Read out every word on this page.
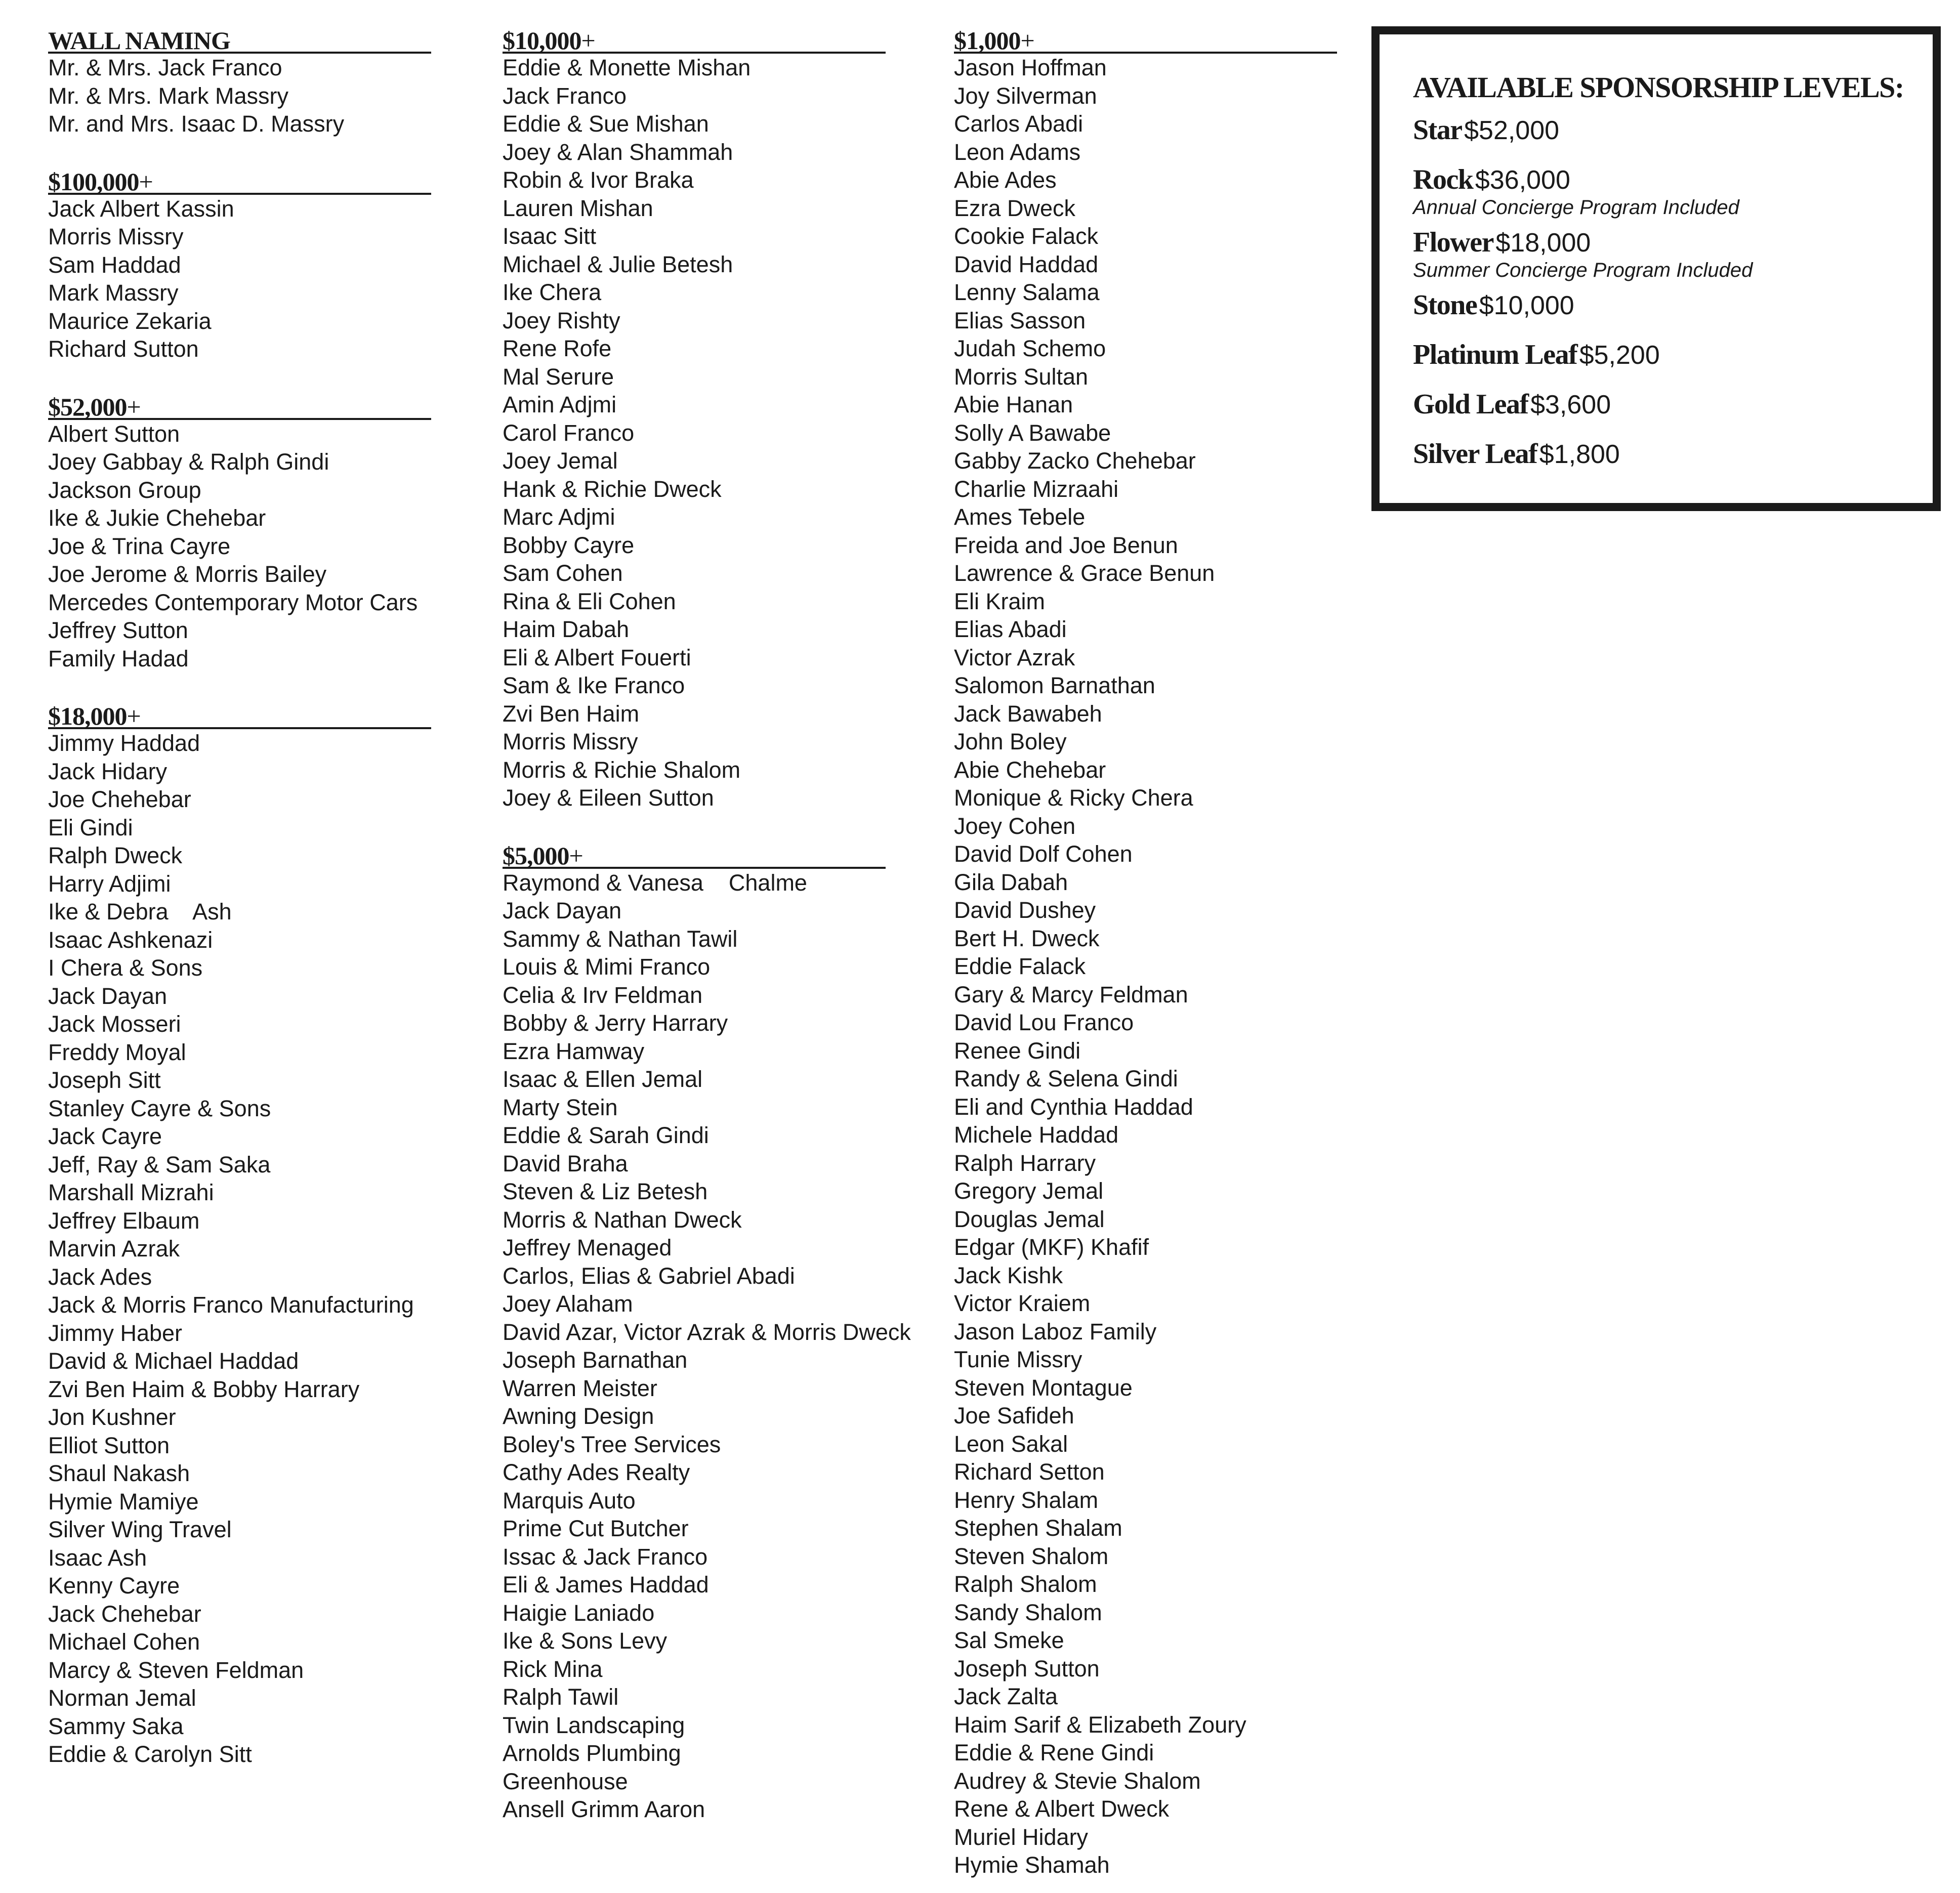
WALL NAMING
Mr. & Mrs. Jack Franco
Mr. & Mrs. Mark Massry
Mr. and Mrs. Isaac D. Massry
$100,000+
Jack Albert Kassin
Morris Missry
Sam Haddad
Mark Massry
Maurice Zekaria
Richard Sutton
$52,000+
Albert Sutton
Joey Gabbay & Ralph Gindi
Jackson Group
Ike & Jukie Chehebar
Joe & Trina Cayre
Joe Jerome & Morris Bailey
Mercedes Contemporary Motor Cars
Jeffrey Sutton
Family Hadad
$18,000+
Jimmy Haddad
Jack Hidary
Joe Chehebar
Eli Gindi
Ralph Dweck
Harry Adjimi
Ike & Debra    Ash
Isaac Ashkenazi
I Chera & Sons
Jack Dayan
Jack Mosseri
Freddy Moyal
Joseph Sitt
Stanley Cayre & Sons
Jack Cayre
Jeff, Ray & Sam Saka
Marshall Mizrahi
Jeffrey Elbaum
Marvin Azrak
Jack Ades
Jack & Morris Franco Manufacturing
Jimmy Haber
David & Michael Haddad
Zvi Ben Haim & Bobby Harrary
Jon Kushner
Elliot Sutton
Shaul Nakash
Hymie Mamiye
Silver Wing Travel
Isaac Ash
Kenny Cayre
Jack Chehebar
Michael Cohen
Marcy & Steven Feldman
Norman Jemal
Sammy Saka
Eddie & Carolyn Sitt
$10,000+
Eddie & Monette Mishan
Jack Franco
Eddie & Sue Mishan
Joey & Alan Shammah
Robin & Ivor Braka
Lauren Mishan
Isaac Sitt
Michael & Julie Betesh
Ike Chera
Joey Rishty
Rene Rofe
Mal Serure
Amin Adjmi
Carol Franco
Joey Jemal
Hank & Richie Dweck
Marc Adjmi
Bobby Cayre
Sam Cohen
Rina & Eli Cohen
Haim Dabah
Eli & Albert Fouerti
Sam & Ike Franco
Zvi Ben Haim
Morris Missry
Morris & Richie Shalom
Joey & Eileen Sutton
$5,000+
Raymond & Vanesa    Chalme
Jack Dayan
Sammy & Nathan Tawil
Louis & Mimi Franco
Celia & Irv Feldman
Bobby & Jerry Harrary
Ezra Hamway
Isaac & Ellen Jemal
Marty Stein
Eddie & Sarah Gindi
David Braha
Steven & Liz Betesh
Morris & Nathan Dweck
Jeffrey Menaged
Carlos, Elias & Gabriel Abadi
Joey Alaham
David Azar, Victor Azrak & Morris Dweck
Joseph Barnathan
Warren Meister
Awning Design
Boley's Tree Services
Cathy Ades Realty
Marquis Auto
Prime Cut Butcher
Issac & Jack Franco
Eli & James Haddad
Haigie Laniado
Ike & Sons Levy
Rick Mina
Ralph Tawil
Twin Landscaping
Arnolds Plumbing
Greenhouse
Ansell Grimm Aaron
$1,000+
Jason Hoffman
Joy Silverman
Carlos Abadi
Leon Adams
Abie Ades
Ezra Dweck
Cookie Falack
David Haddad
Lenny Salama
Elias Sasson
Judah Schemo
Morris Sultan
Abie Hanan
Solly A Bawabe
Gabby Zacko Chehebar
Charlie Mizraahi
Ames Tebele
Freida and Joe Benun
Lawrence & Grace Benun
Eli Kraim
Elias Abadi
Victor Azrak
Salomon Barnathan
Jack Bawabeh
John Boley
Abie Chehebar
Monique & Ricky Chera
Joey Cohen
David Dolf Cohen
Gila Dabah
David Dushey
Bert H. Dweck
Eddie Falack
Gary & Marcy Feldman
David Lou Franco
Renee Gindi
Randy & Selena Gindi
Eli and Cynthia Haddad
Michele Haddad
Ralph Harrary
Gregory Jemal
Douglas Jemal
Edgar (MKF) Khafif
Jack Kishk
Victor Kraiem
Jason Laboz Family
Tunie Missry
Steven Montague
Joe Safideh
Leon Sakal
Richard Setton
Henry Shalam
Stephen Shalam
Steven Shalom
Ralph Shalom
Sandy Shalom
Sal Smeke
Joseph Sutton
Jack Zalta
Haim Sarif & Elizabeth Zoury
Eddie & Rene Gindi
Audrey & Stevie Shalom
Rene & Albert Dweck
Muriel Hidary
Hymie Shamah
AVAILABLE SPONSORSHIP LEVELS:
Star $52,000
Rock $36,000
Annual Concierge Program Included
Flower $18,000
Summer Concierge Program Included
Stone $10,000
Platinum Leaf $5,200
Gold Leaf $3,600
Silver Leaf $1,800
